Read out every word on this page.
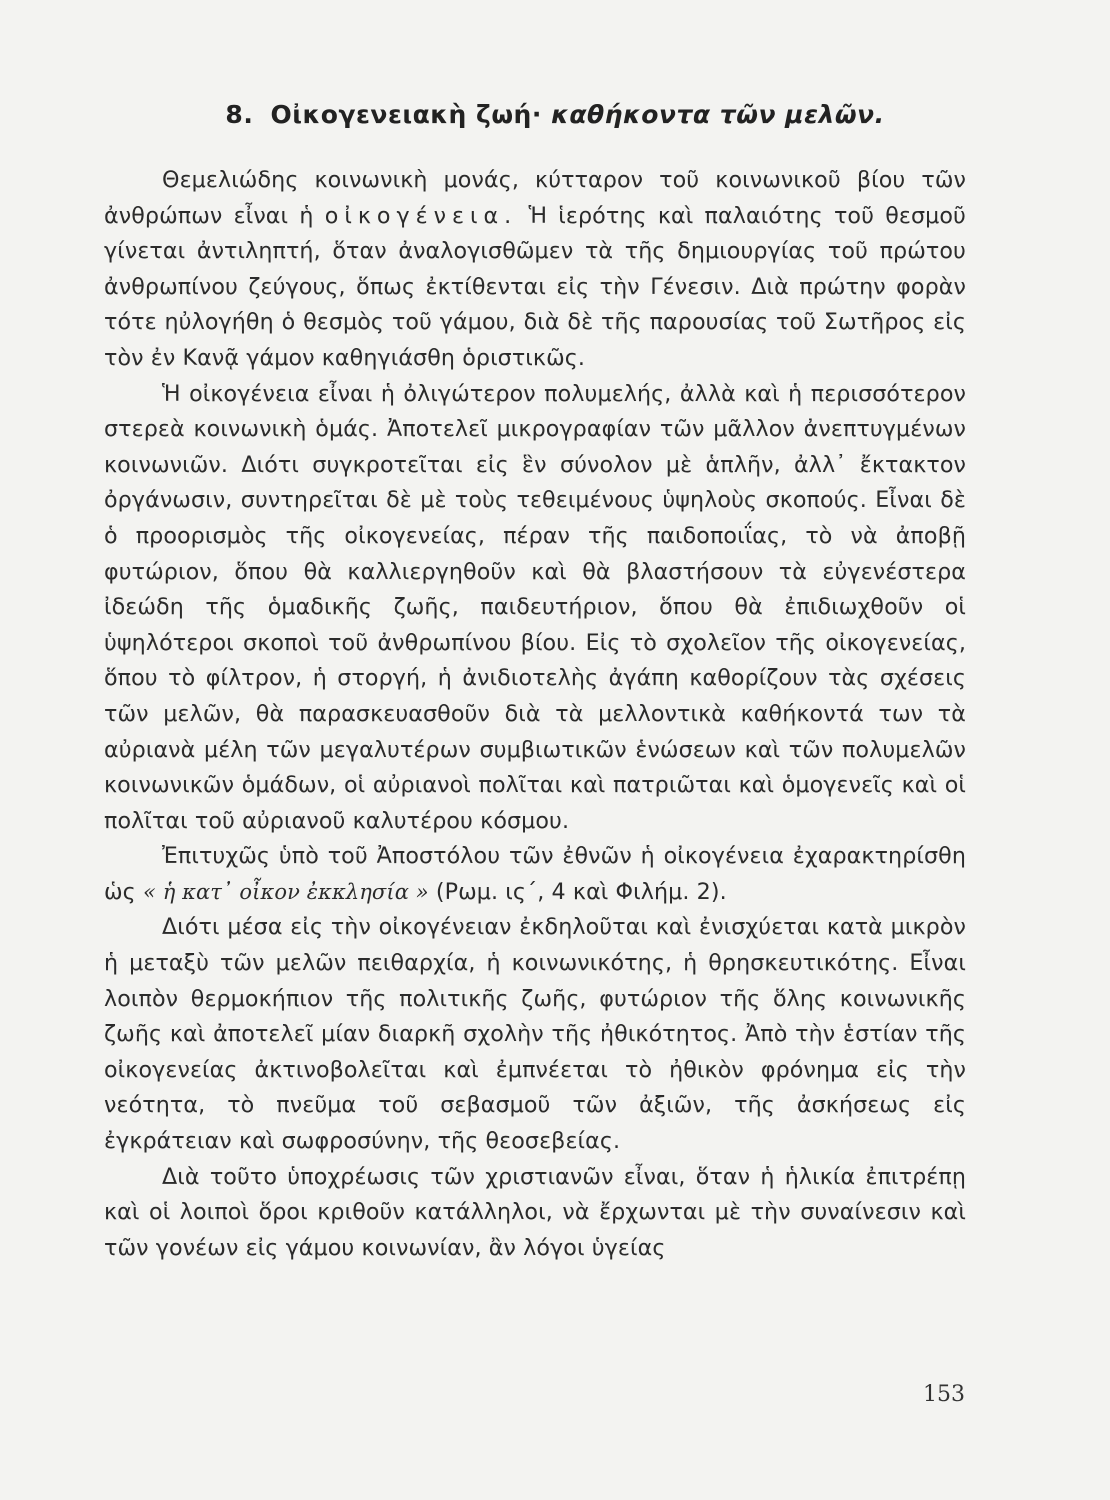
8. Οἰκογενειακὴ ζωή· καθήκοντα τῶν μελῶν.

Θεμελιώδης κοινωνικὴ μονάς, κύτταρον τοῦ κοινωνικοῦ βίου τῶν ἀνθρώπων εἶναι ἡ οἰκογένεια. Ἡ ἱερότης καὶ παλαιότης τοῦ θεσμοῦ γίνεται ἀντιληπτή, ὅταν ἀναλογισθῶμεν τὰ τῆς δημιουργίας τοῦ πρώτου ἀνθρωπίνου ζεύγους, ὅπως ἐκτίθενται εἰς τὴν Γένεσιν. Διὰ πρώτην φορὰν τότε ηὐλογήθη ὁ θεσμὸς τοῦ γάμου, διὰ δὲ τῆς παρουσίας τοῦ Σωτῆρος εἰς τὸν ἐν Κανᾷ γάμον καθηγιάσθη ὁριστικῶς.

Ἡ οἰκογένεια εἶναι ἡ ὀλιγώτερον πολυμελής, ἀλλὰ καὶ ἡ περισσότερον στερεὰ κοινωνικὴ ὁμάς. Ἀποτελεῖ μικρογραφίαν τῶν μᾶλλον ἀνεπτυγμένων κοινωνιῶν. Διότι συγκροτεῖται εἰς ἓν σύνολον μὲ ἁπλῆν, ἀλλ᾽ ἔκτακτον ὀργάνωσιν, συντηρεῖται δὲ μὲ τοὺς τεθειμένους ὑψηλοὺς σκοπούς. Εἶναι δὲ ὁ προορισμὸς τῆς οἰκογενείας, πέραν τῆς παιδοποιΐας, τὸ νὰ ἀποβῇ φυτώριον, ὅπου θὰ καλλιεργηθοῦν καὶ θὰ βλαστήσουν τὰ εὐγενέστερα ἰδεώδη τῆς ὁμαδικῆς ζωῆς, παιδευτήριον, ὅπου θὰ ἐπιδιωχθοῦν οἱ ὑψηλότεροι σκοποὶ τοῦ ἀνθρωπίνου βίου. Εἰς τὸ σχολεῖον τῆς οἰκογενείας, ὅπου τὸ φίλτρον, ἡ στοργή, ἡ ἀνιδιοτελὴς ἀγάπη καθορίζουν τὰς σχέσεις τῶν μελῶν, θὰ παρασκευασθοῦν διὰ τὰ μελλοντικὰ καθήκοντά των τὰ αὐριανὰ μέλη τῶν μεγαλυτέρων συμβιωτικῶν ἑνώσεων καὶ τῶν πολυμελῶν κοινωνικῶν ὁμάδων, οἱ αὐριανοὶ πολῖται καὶ πατριῶται καὶ ὁμογενεῖς καὶ οἱ πολῖται τοῦ αὐριανοῦ καλυτέρου κόσμου.

Ἐπιτυχῶς ὑπὸ τοῦ Ἀποστόλου τῶν ἐθνῶν ἡ οἰκογένεια ἐχαρακτηρίσθη ὡς « ἡ κατ᾽ οἶκον ἐκκλησία » (Ρωμ. ις΄, 4 καὶ Φιλήμ. 2).

Διότι μέσα εἰς τὴν οἰκογένειαν ἐκδηλοῦται καὶ ἐνισχύεται κατὰ μικρὸν ἡ μεταξὺ τῶν μελῶν πειθαρχία, ἡ κοινωνικότης, ἡ θρησκευτικότης. Εἶναι λοιπὸν θερμοκήπιον τῆς πολιτικῆς ζωῆς, φυτώριον τῆς ὅλης κοινωνικῆς ζωῆς καὶ ἀποτελεῖ μίαν διαρκῆ σχολὴν τῆς ἠθικότητος. Ἀπὸ τὴν ἑστίαν τῆς οἰκογενείας ἀκτινοβολεῖται καὶ ἐμπνέεται τὸ ἠθικὸν φρόνημα εἰς τὴν νεότητα, τὸ πνεῦμα τοῦ σεβασμοῦ τῶν ἀξιῶν, τῆς ἀσκήσεως εἰς ἐγκράτειαν καὶ σωφροσύνην, τῆς θεοσεβείας.

Διὰ τοῦτο ὑποχρέωσις τῶν χριστιανῶν εἶναι, ὅταν ἡ ἡλικία ἐπιτρέπῃ καὶ οἱ λοιποὶ ὅροι κριθοῦν κατάλληλοι, νὰ ἔρχωνται μὲ τὴν συναίνεσιν καὶ τῶν γονέων εἰς γάμου κοινωνίαν, ἂν λόγοι ὑγείας

153
